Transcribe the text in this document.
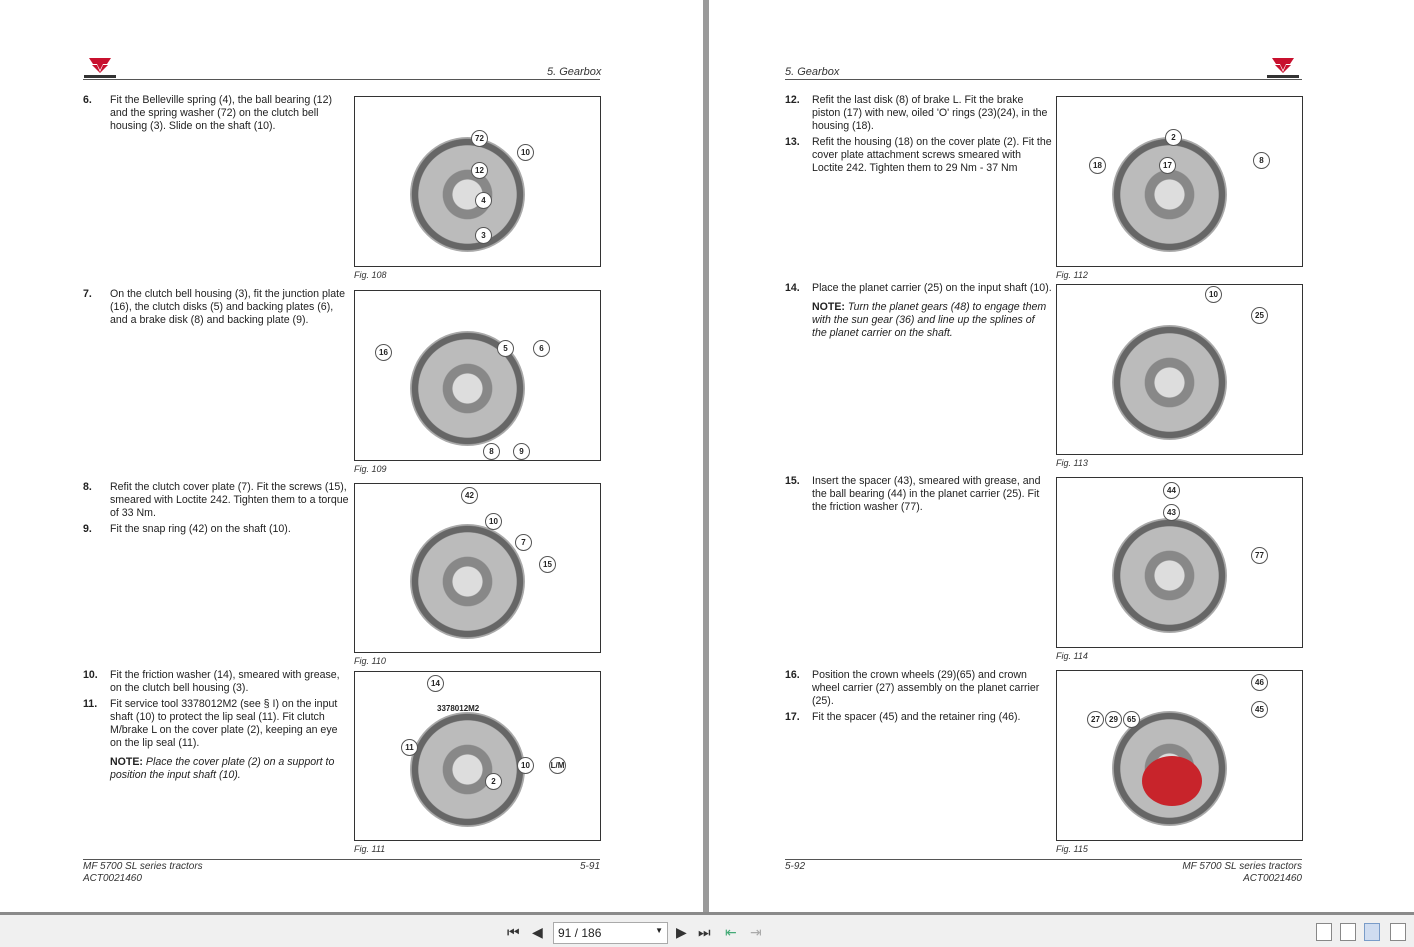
5. Gearbox
MF 5700 SL series tractors
ACT0021460
5-91
6. Fit the Belleville spring (4), the ball bearing (12) and the spring washer (72) on the clutch bell housing (3). Slide on the shaft (10).
7. On the clutch bell housing (3), fit the junction plate (16), the clutch disks (5) and backing plates (6), and a brake disk (8) and backing plate (9).
8. Refit the clutch cover plate (7). Fit the screws (15), smeared with Loctite 242. Tighten them to a torque of 33 Nm.
9. Fit the snap ring (42) on the shaft (10).
10. Fit the friction washer (14), smeared with grease, on the clutch bell housing (3).
11. Fit service tool 3378012M2 (see § I) on the input shaft (10) to protect the lip seal (11). Fit clutch M/brake L on the cover plate (2), keeping an eye on the lip seal (11).
NOTE: Place the cover plate (2) on a support to position the input shaft (10).
72
10
12
4
3
Fig. 108
16	5	6
8	9
Fig. 109
42
10
7
15
Fig. 110
14
11
2
10	L/M
3378012M2
Fig. 111
5. Gearbox
5-92	MF 5700 SL series tractors
ACT0021460
12. Refit the last disk (8) of brake L. Fit the brake piston (17) with new, oiled 'O' rings (23)(24), in the housing (18).
13. Refit the housing (18) on the cover plate (2). Fit the cover plate attachment screws smeared with Loctite 242. Tighten them to 29 Nm - 37 Nm
14. Place the planet carrier (25) on the input shaft (10).
NOTE: Turn the planet gears (48) to engage them with the sun gear (36) and line up the splines of the planet carrier on the shaft.
15. Insert the spacer (43), smeared with grease, and the ball bearing (44) in the planet carrier (25). Fit the friction washer (77).
16. Position the crown wheels (29)(65) and crown wheel carrier (27) assembly on the planet carrier (25).
17. Fit the spacer (45) and the retainer ring (46).
2
18	17
8
Fig. 112
10
25
Fig. 113
44
43
77
Fig. 114
46
45
27	29	65
Fig. 115
⏮ ◀	91 / 186	▼ ▶ ⏭ ⇤ ⇥
